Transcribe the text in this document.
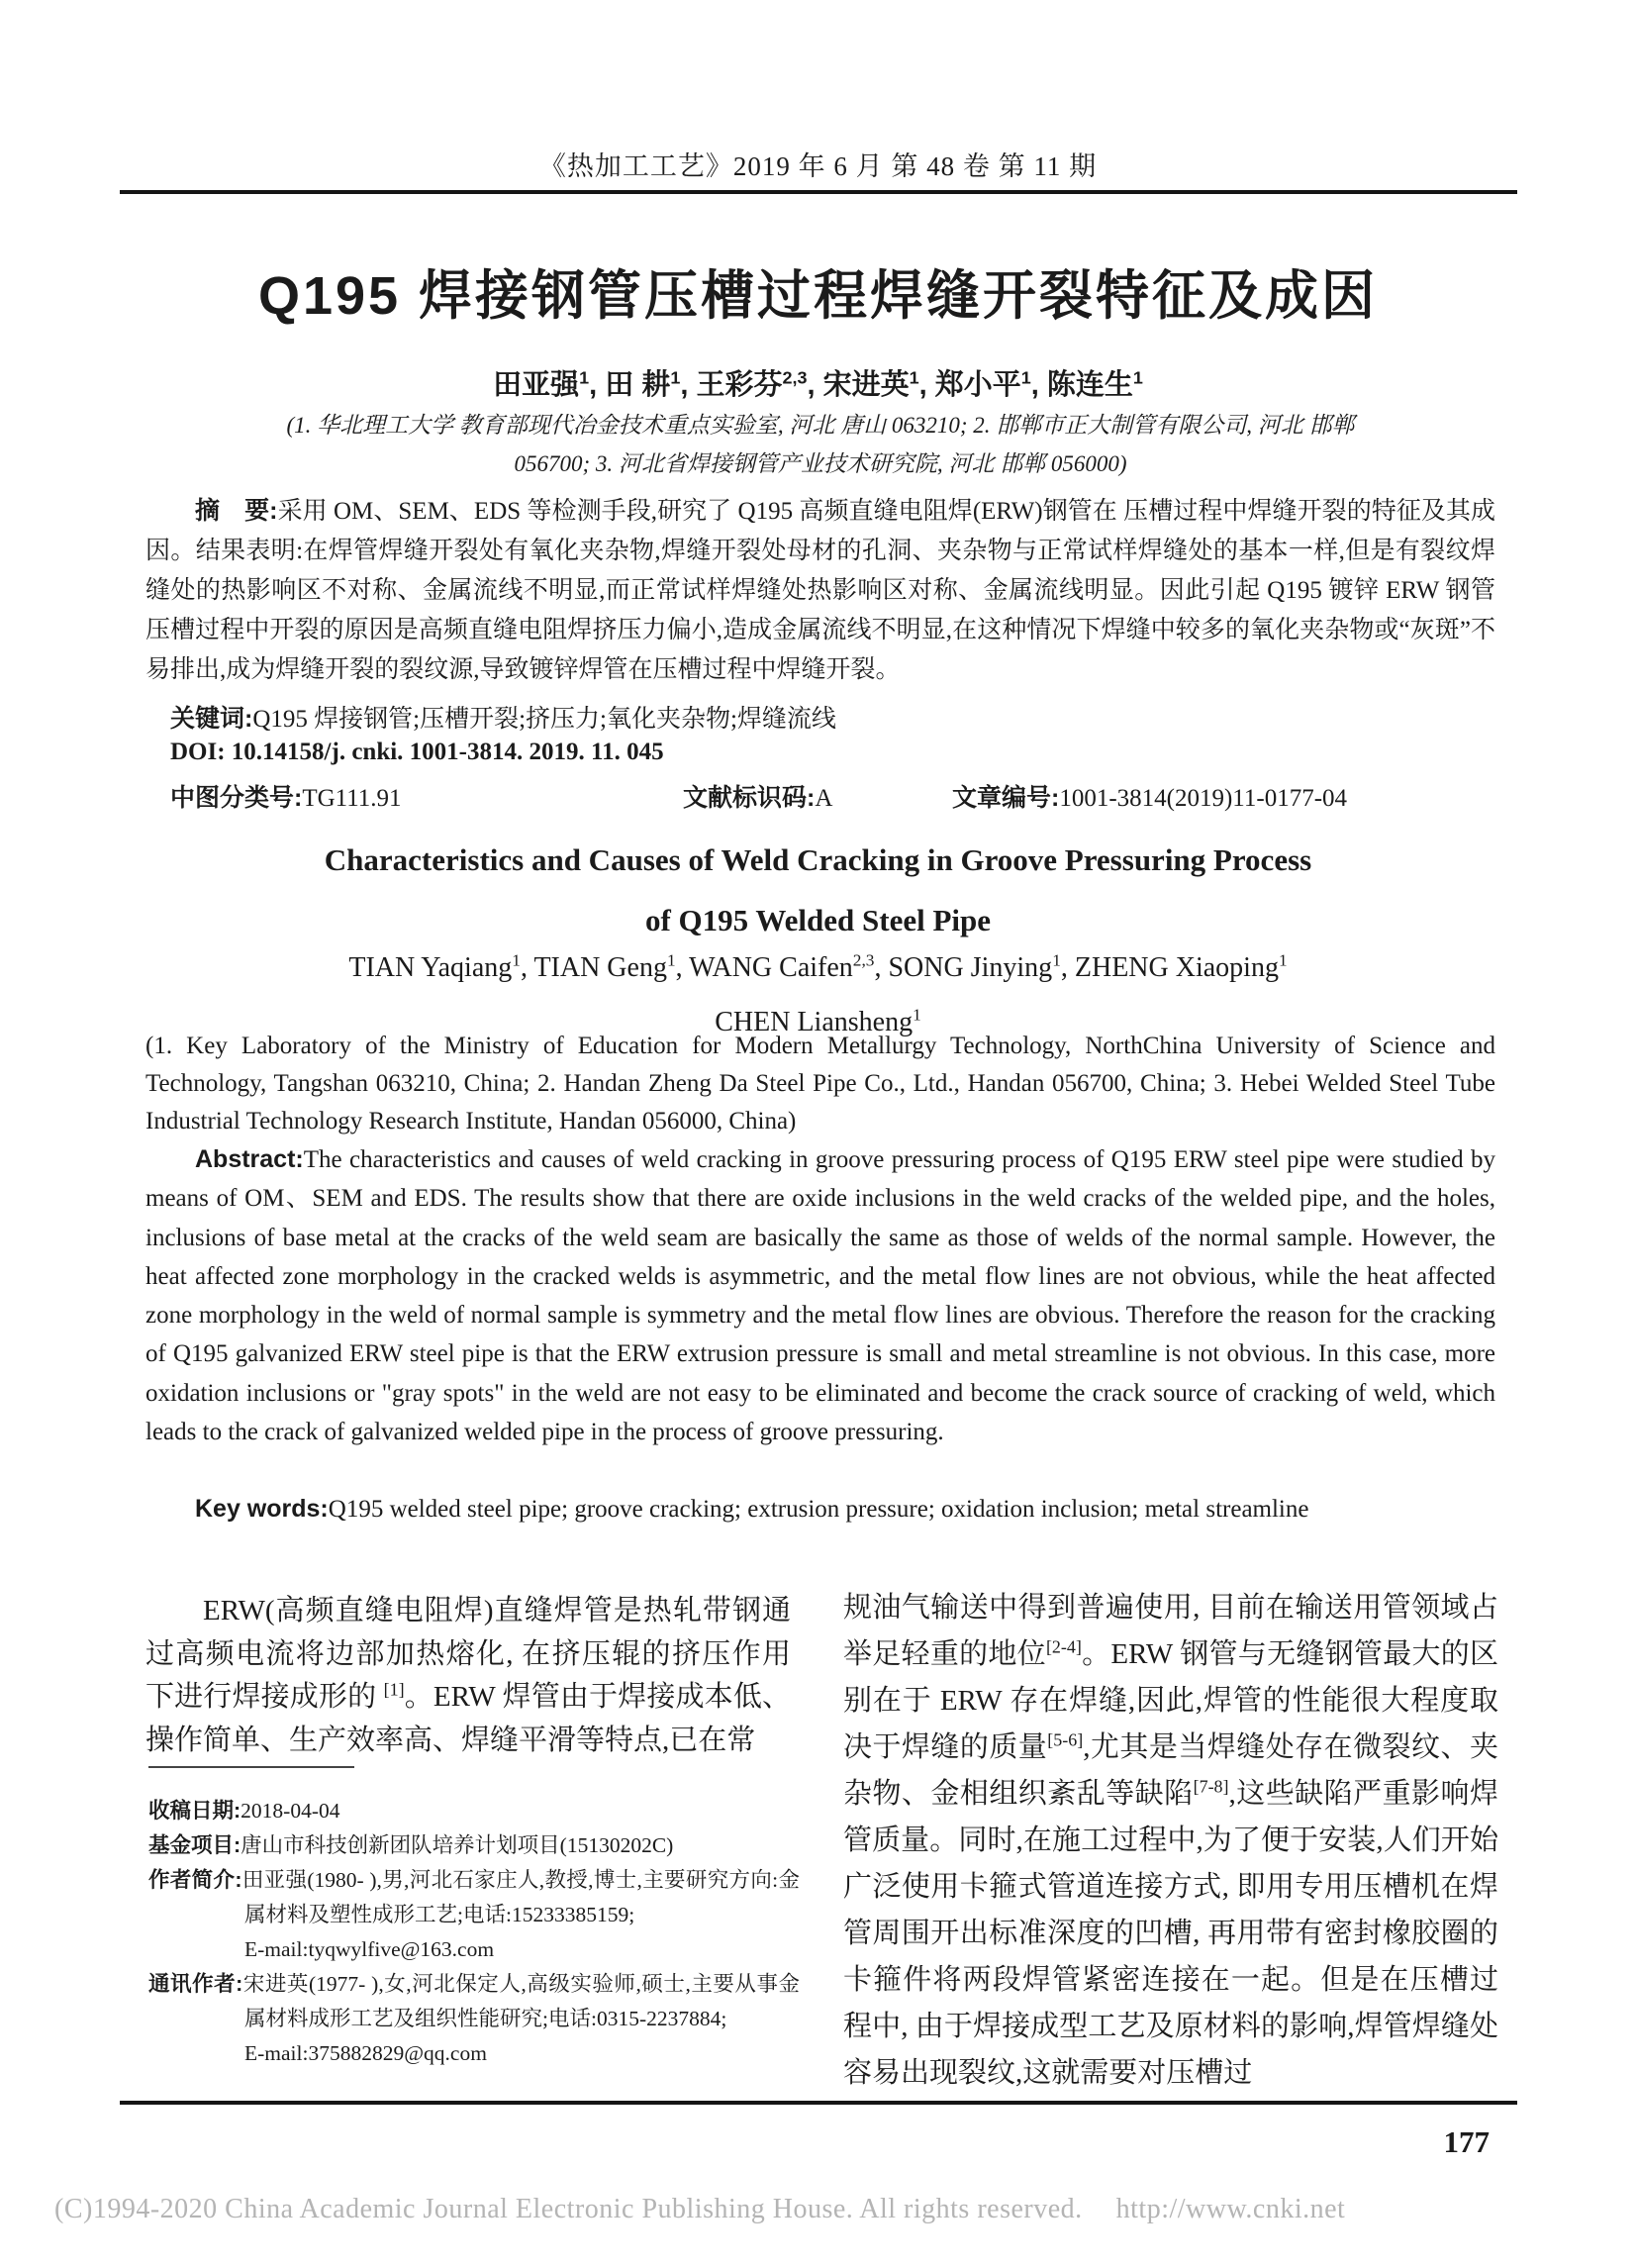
《热加工工艺》2019 年 6 月 第 48 卷 第 11 期
Q195 焊接钢管压槽过程焊缝开裂特征及成因
田亚强$^1$, 田 耕$^1$, 王彩芬$^{2,3}$, 宋进英$^1$, 郑小平$^1$, 陈连生$^1$
(1. 华北理工大学 教育部现代冶金技术重点实验室, 河北 唐山 063210; 2. 邯郸市正大制管有限公司, 河北 邯郸
056700; 3. 河北省焊接钢管产业技术研究院, 河北 邯郸 056000)

摘　要:采用 OM、SEM、EDS 等检测手段,研究了 Q195 高频直缝电阻焊(ERW)钢管在 压槽过程中焊缝开裂的特征及其成因。结果表明:在焊管焊缝开裂处有氧化夹杂物,焊缝开裂处母材的孔洞、夹杂物与正常试样焊缝处的基本一样,但是有裂纹焊缝处的热影响区不对称、金属流线不明显,而正常试样焊缝处热影响区对称、金属流线明显。因此引起 Q195 镀锌 ERW 钢管压槽过程中开裂的原因是高频直缝电阻焊挤压力偏小,造成金属流线不明显,在这种情况下焊缝中较多的氧化夹杂物或“灰斑”不易排出,成为焊缝开裂的裂纹源,导致镀锌焊管在压槽过程中焊缝开裂。

关键词:Q195 焊接钢管;压槽开裂;挤压力;氧化夹杂物;焊缝流线

DOI: 10.14158/j. cnki. 1001-3814. 2019. 11. 045

中图分类号:TG111.91	文献标识码:A	文章编号:1001-3814(2019)11-0177-04
Characteristics and Causes of Weld Cracking in Groove Pressuring Process
of Q195 Welded Steel Pipe
TIAN Yaqiang$^1$, TIAN Geng$^1$, WANG Caifen$^{2,3}$, SONG Jinying$^1$, ZHENG Xiaoping$^1$
CHEN Liansheng$^1$

(1. Key Laboratory of the Ministry of Education for Modern Metallurgy Technology, NorthChina University of Science and Technology, Tangshan 063210, China; 2. Handan Zheng Da Steel Pipe Co., Ltd., Handan 056700, China; 3. Hebei Welded Steel Tube Industrial Technology Research Institute, Handan 056000, China)

Abstract:The characteristics and causes of weld cracking in groove pressuring process of Q195 ERW steel pipe were studied by means of OM、SEM and EDS. The results show that there are oxide inclusions in the weld cracks of the welded pipe, and the holes, inclusions of base metal at the cracks of the weld seam are basically the same as those of welds of the normal sample. However, the heat affected zone morphology in the cracked welds is asymmetric, and the metal flow lines are not obvious, while the heat affected zone morphology in the weld of normal sample is symmetry and the metal flow lines are obvious. Therefore the reason for the cracking of Q195 galvanized ERW steel pipe is that the ERW extrusion pressure is small and metal streamline is not obvious. In this case, more oxidation inclusions or "gray spots" in the weld are not easy to be eliminated and become the crack source of cracking of weld, which leads to the crack of galvanized welded pipe in the process of groove pressuring.

Key words:Q195 welded steel pipe; groove cracking; extrusion pressure; oxidation inclusion; metal streamline

ERW(高频直缝电阻焊)直缝焊管是热轧带钢通过高频电流将边部加热熔化, 在挤压辊的挤压作用下进行焊接成形的 [1]。ERW 焊管由于焊接成本低、操作简单、生产效率高、焊缝平滑等特点,已在常

收稿日期:2018-04-04
基金项目:唐山市科技创新团队培养计划项目(15130202C)
作者简介:田亚强(1980- ),男,河北石家庄人,教授,博士,主要研究方向:金属材料及塑性成形工艺;电话:15233385159;
E-mail:tyqwylfive@163.com
通讯作者:宋进英(1977- ),女,河北保定人,高级实验师,硕士,主要从事金属材料成形工艺及组织性能研究;电话:0315-2237884;
E-mail:375882829@qq.com

规油气输送中得到普遍使用, 目前在输送用管领域占举足轻重的地位[2-4]。ERW 钢管与无缝钢管最大的区别在于 ERW 存在焊缝,因此,焊管的性能很大程度取决于焊缝的质量[5-6],尤其是当焊缝处存在微裂纹、夹杂物、金相组织紊乱等缺陷[7-8],这些缺陷严重影响焊管质量。同时,在施工过程中,为了便于安装,人们开始广泛使用卡箍式管道连接方式, 即用专用压槽机在焊管周围开出标准深度的凹槽, 再用带有密封橡胶圈的卡箍件将两段焊管紧密连接在一起。但是在压槽过程中, 由于焊接成型工艺及原材料的影响,焊管焊缝处容易出现裂纹,这就需要对压槽过

177
(C)1994-2020 China Academic Journal Electronic Publishing House. All rights reserved. http://www.cnki.net
